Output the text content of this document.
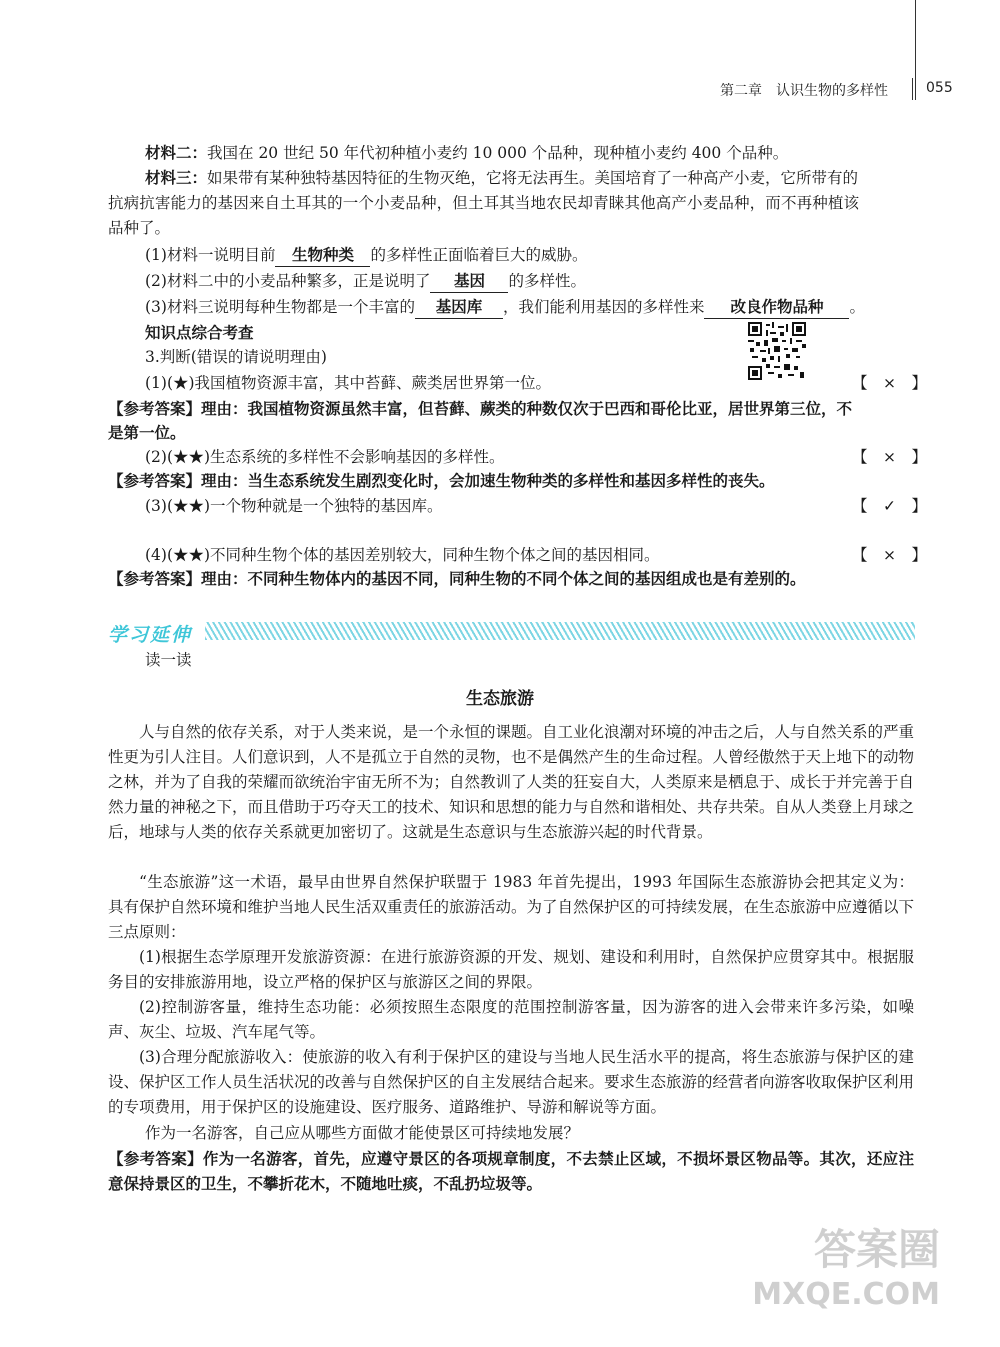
第二章　认识生物的多样性	055
材料二：我国在 20 世纪 50 年代初种植小麦约 10 000 个品种，现种植小麦约 400 个品种。
材料三：如果带有某种独特基因特征的生物灭绝，它将无法再生。美国培育了一种高产小麦，它所带有的
抗病抗害能力的基因来自土耳其的一个小麦品种，但土耳其当地农民却青睐其他高产小麦品种，而不再种植该
品种了。
(1)材料一说明目前 生物种类 的多样性正面临着巨大的威胁。
(2)材料二中的小麦品种繁多，正是说明了 基因 的多样性。
(3)材料三说明每种生物都是一个丰富的 基因库 ，我们能利用基因的多样性来 改良作物品种 。
知识点综合考查
3.判断(错误的请说明理由)
(1)(★)我国植物资源丰富，其中苔藓、蕨类居世界第一位。	【　×　】
【参考答案】理由：我国植物资源虽然丰富，但苔藓、蕨类的种数仅次于巴西和哥伦比亚，居世界第三位，不
是第一位。
(2)(★★)生态系统的多样性不会影响基因的多样性。	【　×　】
【参考答案】理由：当生态系统发生剧烈变化时，会加速生物种类的多样性和基因多样性的丧失。
(3)(★★)一个物种就是一个独特的基因库。	【　✓　】
(4)(★★)不同种生物个体的基因差别较大，同种生物个体之间的基因相同。	【　×　】
【参考答案】理由：不同种生物体内的基因不同，同种生物的不同个体之间的基因组成也是有差别的。
学习延伸
读一读
生态旅游
人与自然的依存关系，对于人类来说，是一个永恒的课题。自工业化浪潮对环境的冲击之后，人与自然关系的严重性更为引人注目。人们意识到，人不是孤立于自然的灵物，也不是偶然产生的生命过程。人曾经傲然于天上地下的动物之林，并为了自我的荣耀而欲统治宇宙无所不为；自然教训了人类的狂妄自大，人类原来是栖息于、成长于并完善于自然力量的神秘之下，而且借助于巧夺天工的技术、知识和思想的能力与自然和谐相处、共存共荣。自从人类登上月球之后，地球与人类的依存关系就更加密切了。这就是生态意识与生态旅游兴起的时代背景。
“生态旅游”这一术语，最早由世界自然保护联盟于 1983 年首先提出，1993 年国际生态旅游协会把其定义为：具有保护自然环境和维护当地人民生活双重责任的旅游活动。为了自然保护区的可持续发展，在生态旅游中应遵循以下三点原则：
(1)根据生态学原理开发旅游资源：在进行旅游资源的开发、规划、建设和利用时，自然保护应贯穿其中。根据服务目的安排旅游用地，设立严格的保护区与旅游区之间的界限。
(2)控制游客量，维持生态功能：必须按照生态限度的范围控制游客量，因为游客的进入会带来许多污染，如噪声、灰尘、垃圾、汽车尾气等。
(3)合理分配旅游收入：使旅游的收入有利于保护区的建设与当地人民生活水平的提高，将生态旅游与保护区的建设、保护区工作人员生活状况的改善与自然保护区的自主发展结合起来。要求生态旅游的经营者向游客收取保护区利用的专项费用，用于保护区的设施建设、医疗服务、道路维护、导游和解说等方面。
作为一名游客，自己应从哪些方面做才能使景区可持续地发展？
【参考答案】作为一名游客，首先，应遵守景区的各项规章制度，不去禁止区域，不损坏景区物品等。其次，还应注意保持景区的卫生，不攀折花木，不随地吐痰，不乱扔垃圾等。
答案圈
MXQE.COM
